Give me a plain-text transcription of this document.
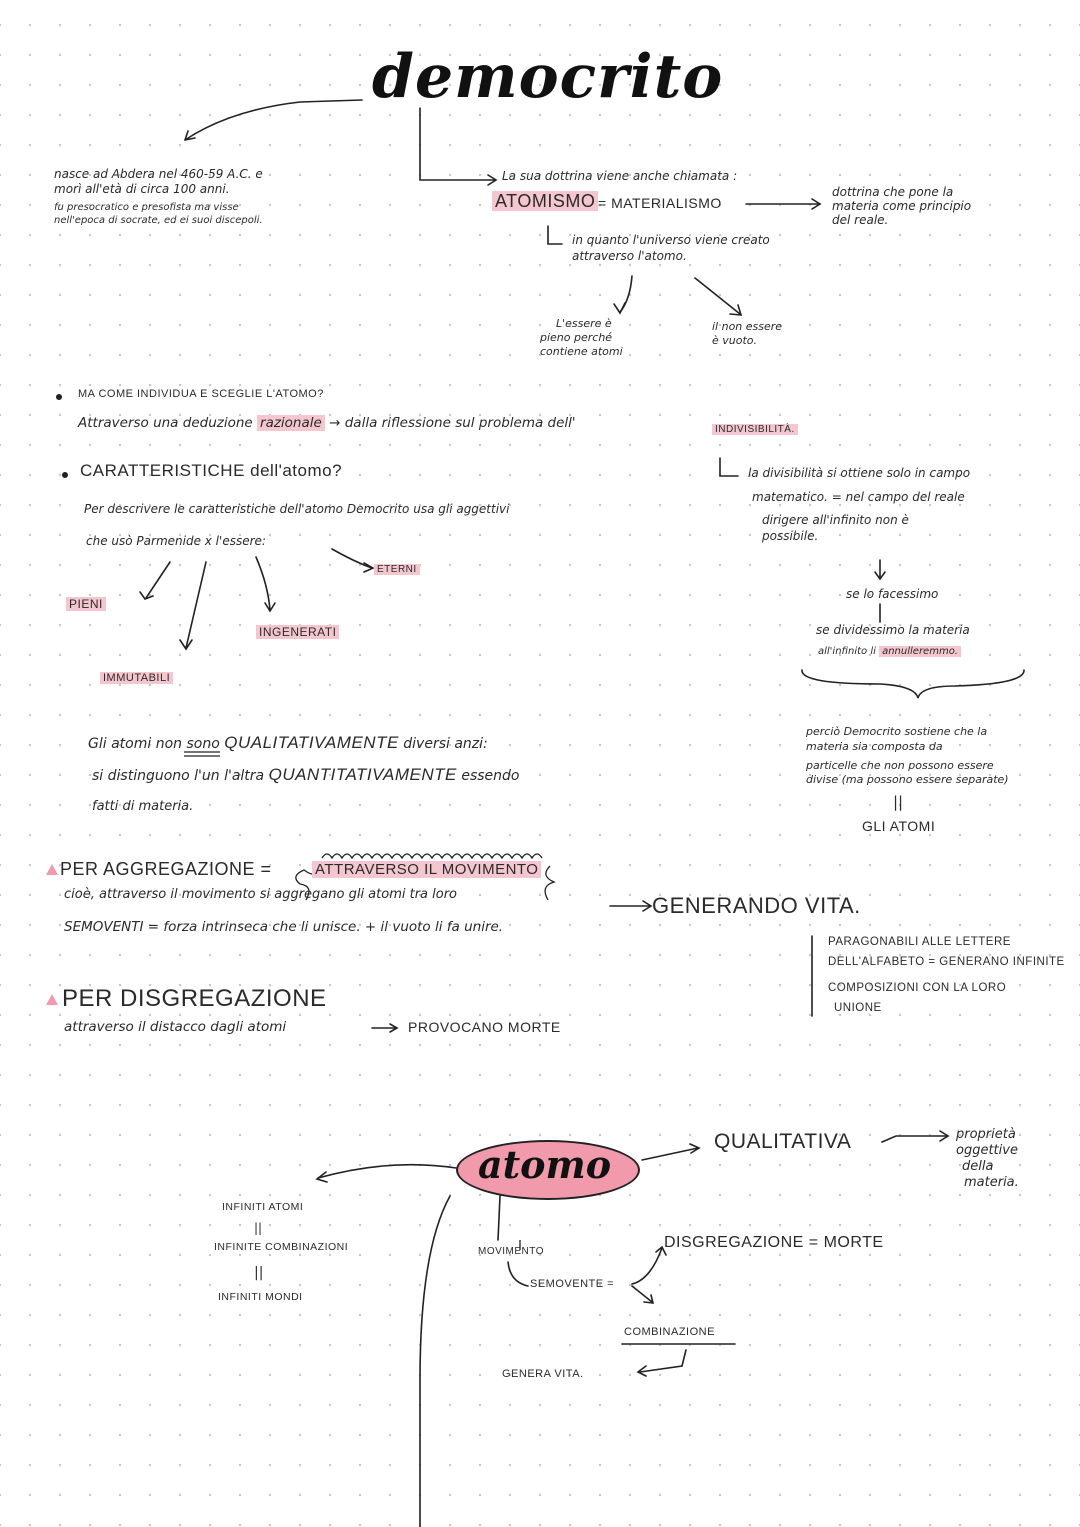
democrito
nasce ad Abdera nel 460-59 A.C. e
morì all'età di circa 100 anni.
fu presocratico e presofista ma visse
nell'epoca di socrate, ed ei suoi discepoli.
La sua dottrina viene anche chiamata :
ATOMISMO = MATERIALISMO
dottrina che pone la
materia come principio
del reale.
in quanto l'universo viene creato
attraverso l'atomo.
L'essere è
pieno perché
contiene atomi
il non essere
è vuoto.
MA COME INDIVIDUA E SCEGLIE L'ATOMO?
Attraverso una deduzione razionale → dalla riflessione sul problema dell'	INDIVISIBILITÀ.
la divisibilità si ottiene solo in campo
matematico. = nel campo del reale
dirigere all'infinito non è
possibile.
se lo facessimo
se dividessimo la materia
all'infinito li annulleremmo.
CARATTERISTICHE dell'atomo?
Per descrivere le caratteristiche dell'atomo Democrito usa gli aggettivi
che usò Parmenide x l'essere:
ETERNI
PIENI
INGENERATI
IMMUTABILI
Gli atomi non sono QUALITATIVAMENTE diversi anzi:
si distinguono l'un l'altra QUANTITATIVAMENTE essendo
fatti di materia.
perciò Democrito sostiene che la
materia sia composta da
particelle che non possono essere
divise (ma possono essere separate)
||
GLI ATOMI
PER AGGREGAZIONE =	ATTRAVERSO IL MOVIMENTO
cioè, attraverso il movimento si aggregano gli atomi tra loro	GENERANDO VITA.
SEMOVENTI = forza intrinseca che li unisce. + il vuoto li fa unire.
PARAGONABILI ALLE LETTERE
DELL'ALFABETO = GENERANO INFINITE
COMPOSIZIONI CON LA LORO
UNIONE
PER DISGREGAZIONE
attraverso il distacco dagli atomi	PROVOCANO MORTE
atomo
QUALITATIVA	proprietà
oggettive
della
materia.
INFINITI ATOMI
||
INFINITE COMBINAZIONI
||
INFINITI MONDI
MOVIMENTO
SEMOVENTE =
DISGREGAZIONE = MORTE
COMBINAZIONE
GENERA VITA.
